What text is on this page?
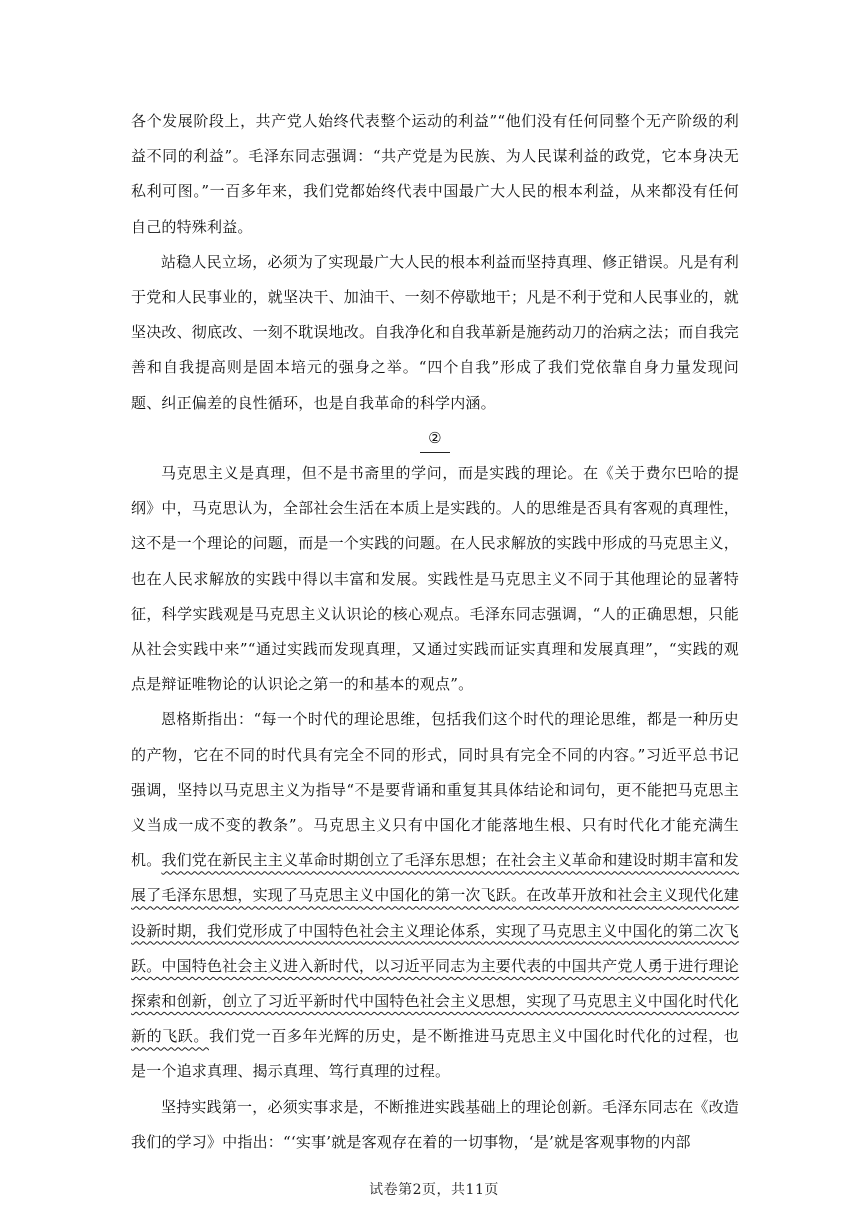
各个发展阶段上，共产党人始终代表整个运动的利益”“他们没有任何同整个无产阶级的利益不同的利益”。毛泽东同志强调：“共产党是为民族、为人民谋利益的政党，它本身决无私利可图。”一百多年来，我们党都始终代表中国最广大人民的根本利益，从来都没有任何自己的特殊利益。

站稳人民立场，必须为了实现最广大人民的根本利益而坚持真理、修正错误。凡是有利于党和人民事业的，就坚决干、加油干、一刻不停歇地干；凡是不利于党和人民事业的，就坚决改、彻底改、一刻不耽误地改。自我净化和自我革新是施药动刀的治病之法；而自我完善和自我提高则是固本培元的强身之举。“四个自我”形成了我们党依靠自身力量发现问题、纠正偏差的良性循环，也是自我革命的科学内涵。

②

马克思主义是真理，但不是书斋里的学问，而是实践的理论。在《关于费尔巴哈的提纲》中，马克思认为，全部社会生活在本质上是实践的。人的思维是否具有客观的真理性，这不是一个理论的问题，而是一个实践的问题。在人民求解放的实践中形成的马克思主义，也在人民求解放的实践中得以丰富和发展。实践性是马克思主义不同于其他理论的显著特征，科学实践观是马克思主义认识论的核心观点。毛泽东同志强调，“人的正确思想，只能从社会实践中来”“通过实践而发现真理，又通过实践而证实真理和发展真理”，“实践的观点是辩证唯物论的认识论之第一的和基本的观点”。

恩格斯指出：“每一个时代的理论思维，包括我们这个时代的理论思维，都是一种历史的产物，它在不同的时代具有完全不同的形式，同时具有完全不同的内容。”习近平总书记强调，坚持以马克思主义为指导“不是要背诵和重复其具体结论和词句，更不能把马克思主义当成一成不变的教条”。马克思主义只有中国化才能落地生根、只有时代化才能充满生机。我们党在新民主主义革命时期创立了毛泽东思想；在社会主义革命和建设时期丰富和发展了毛泽东思想，实现了马克思主义中国化的第一次飞跃。在改革开放和社会主义现代化建设新时期，我们党形成了中国特色社会主义理论体系，实现了马克思主义中国化的第二次飞跃。中国特色社会主义进入新时代，以习近平同志为主要代表的中国共产党人勇于进行理论探索和创新，创立了习近平新时代中国特色社会主义思想，实现了马克思主义中国化时代化新的飞跃。我们党一百多年光辉的历史，是不断推进马克思主义中国化时代化的过程，也是一个追求真理、揭示真理、笃行真理的过程。

坚持实践第一，必须实事求是，不断推进实践基础上的理论创新。毛泽东同志在《改造我们的学习》中指出：“‘实事’就是客观存在着的一切事物，‘是’就是客观事物的内部

试卷第2页，共11页
